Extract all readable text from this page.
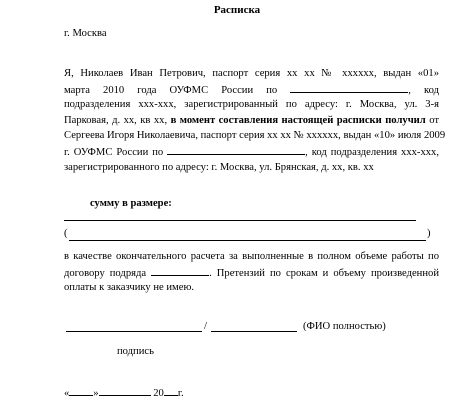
Расписка
г. Москва
Я, Николаев Иван Петрович, паспорт серия хх хх № хххххх, выдан «01»
марта 2010 года ОУФМС России по	, код
подразделения ххх-ххх, зарегистрированный по адресу: г. Москва, ул. 3-я
Парковая, д. хх, кв хх, в момент составления настоящей расписки получил от
Сергеева Игоря Николаевича, паспорт серия хх хх № хххххх, выдан «10» июля 2009
г. ОУФМС России по	, код подразделения ххх-ххх,
зарегистрированного по адресу: г. Москва, ул. Брянская, д. хх, кв. хх
сумму в размере:
(	)
в качестве окончательного расчета за выполненные в полном объеме работы по
договору подряда	. Претензий по срокам и объему произведенной
оплаты к заказчику не имею.
/	(ФИО полностью)
подпись
« »	20 г.
